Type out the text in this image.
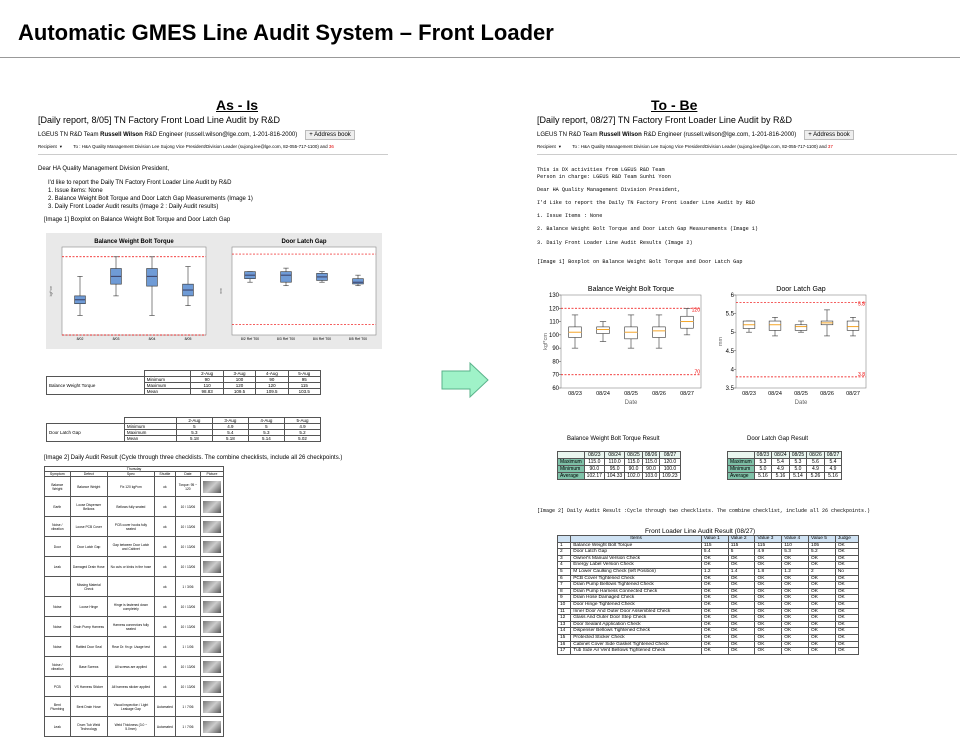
Automatic GMES Line Audit System – Front Loader
As - Is	To - Be
[Daily report, 8/05] TN Factory Front Load Line Audit by R&D
LGEUS TN R&D Team
Russell Wilson
R&D Engineer (russell.wilson@lge.com, 1-201-816-2000)	+ Address book
Recipient ▾	To : H&A Quality Management Division Lee Sujong Vice President/Division Leader (sujong.lee@lge.com, 82-055-717-1100) and 36
Dear HA Quality Management Division President,
I'd like to report the Daily TN Factory Front Loader Line Audit by R&D
1. Issue items: None
2. Balance Weight Bolt Torque and Door Latch Gap Measurements (Image 1)
3. Daily Front Loader Audit results (Image 2 : Daily Audit results)
[Image 1] Boxplot on Balance Weight Bolt Torque and Door Latch Gap
Balance Weight Bolt Torque
kgf*cm
8/02	8/03	8/04	8/05
Door Latch Gap
mm
8/2 Ref T00	8/3 Ref T00	8/4 Ref T00	8/5 Ref T00
		2-Aug	3-Aug	4-Aug	5-Aug
Balance Weight Torque	Minimum	90	100	90	95
	Maximum	110	120	120	115
	Mean	98.83	109.5	109.5	103.5
		2-Aug	3-Aug	4-Aug	5-Aug
Door Latch Gap	Minimum	5	4.9	5	4.9
	Maximum	5.3	5.4	5.3	5.2
	Mean	5.18	5.18	5.14	5.02
[Image 2] Daily Audit Result (Cycle through three checklists. The combine checklists, include all 26 checkpoints.)
Thursday					
Symptom	Defect	Spec	Shuttle	Date	Picture
Balance Weight	Balance Weight	Fix 120 kgf*cm	ok	Torque: 95 ~ 120	

Earth	Loose Dispenser Bellows	Bellows fully seated	ok	10 / 13/06	

Noise / vibration	Loose PCB Cover	PCB cover hooks fully seated	ok	10 / 13/06	

Door	Door Latch Gap	Gap between Door Latch and Cabinet	ok	10 / 13/06	

Leak	Damaged Drain Hose	No cuts or kinks in the hose	ok	10 / 13/06	

	Missing Material Check		ok	1 / 3/06	

Noise	Loose Hinge	Hinge is fastened down completely	ok	10 / 13/06	

Noise	Drain Pump Harness	Harness connectors fully seated	ok	10 / 13/06	

Noise	Rattled Door Seal	Rear Dr. fin gr. Usage test	ok	1 / 1/06	

Noise / vibration	Base Screws	All screws are applied	ok	10 / 13/06	

PCB	VS Harness Sticker	All harness sticker applied	ok	10 / 13/06	

Bent Plumbing	Bent Drain Hose	Visual inspection / Light Leakage Gap	Automated	1 / 7/06	

Leak	Drum Tub Weld Technology	Weld Thickness (3.0 ~ 5.0mm)	Automated	1 / 7/06	
[Daily report, 08/27] TN Factory Front Loader Line Audit by R&D
LGEUS TN R&D Team
Russell Wilson
R&D Engineer (russell.wilson@lge.com, 1-201-816-2000)	+ Address book
Recipient ▾	To : H&A Quality Management Division Lee Sujong Vice President/Division Leader (sujong.lee@lge.com, 82-055-717-1100) and 37
This is DX activities from LGEUS R&D Team
Person in charge: LGEUS R&D Team Sunhi Yoon
Dear HA Quality Management Division President,
I'd Like to report the Daily TN Factory Front Loader Line Audit by R&D
1. Issue Items : None
2. Balance Weight Bolt Torque and Door Latch Gap Measurements (Image 1)
3. Daily Front Loader Line Audit Results (Image 2)
[Image 1] Boxplot on Balance Weight Bolt Torque and Door Latch Gap
Balance Weight Bolt Torque
60
70
80
90
100
110
120
130
kgf*cm
Date
120
70
08/23	08/24	08/25	08/26	08/27
Door Latch Gap
3.5
4
4.5
5
5.5
6
mm
Date
5.8
3.8
08/23 08/24 08/25 08/26 08/27
Balance Weight Bolt Torque Result	Door Latch Gap Result
	08/23	08/24	08/25	08/26	08/27
Maximum	115.0	110.0	115.0	115.0	120.0
Minimum	90.0	95.0	90.0	90.0	100.0
Average	102.17	104.33	102.0	103.0	109.23
	08/23	08/24	08/25	08/26	08/27
Maximum	5.3	5.4	5.3	5.6	5.4
Minimum	5.0	4.9	5.0	4.9	4.9
Average	5.16	5.16	5.14	5.26	5.16
[Image 2] Daily Audit Result :Cycle through two checklists. The combine checklist, include all 26 checkpoints.)
Front Loader Line Audit Result (08/27)
	Items	Value 1	Value 2	Value 3	Value 4	Value 5	Judge
1	Balance Weight Bolt Torque	115	115	115	110	105	OK
2	Door Latch Gap	5.4	5	4.9	5.3	5.2	OK
3	Owner's Manual Version Check	OK	OK	OK	OK	OK	OK
4	Energy Label Version Check	OK	OK	OK	OK	OK	OK
5	M Lower Caulking Check (left Position)	1.2	1.4	1.8	1.2	2	No
6	PCB Cover Tightened Check	OK	OK	OK	OK	OK	OK
7	Drain Pump Bellows Tightened Check	OK	OK	OK	OK	OK	OK
8	Drain Pump Harness Connected Check	OK	OK	OK	OK	OK	OK
9	Drain Hose Damaged Check	OK	OK	OK	OK	OK	OK
10	Door Hinge Tightened Check	OK	OK	OK	OK	OK	OK
11	Inner Door And Outer Door Assembled Check	OK	OK	OK	OK	OK	OK
12	Glass And Outer Door Step Check	OK	OK	OK	OK	OK	OK
13	Door Sealant Application Check	OK	OK	OK	OK	OK	OK
14	Dispenser Bellows Tightened Check	OK	OK	OK	OK	OK	OK
15	Protected Sticker Check	OK	OK	OK	OK	OK	OK
16	Cabinet Cover Side Gasket Tightened Check	OK	OK	OK	OK	OK	OK
17	Tub Side Air Vent Bellows Tightened Check	OK	OK	OK	OK	OK	OK
